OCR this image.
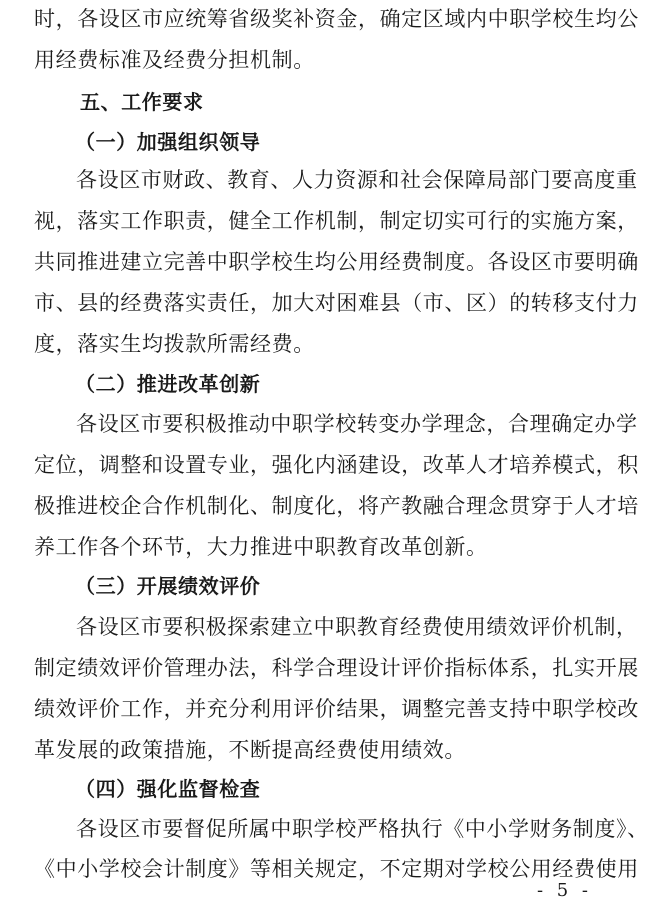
时，各设区市应统筹省级奖补资金，确定区域内中职学校生均公
用经费标准及经费分担机制。
五、工作要求
（一）加强组织领导
各设区市财政、教育、人力资源和社会保障局部门要高度重
视，落实工作职责，健全工作机制，制定切实可行的实施方案，
共同推进建立完善中职学校生均公用经费制度。各设区市要明确
市、县的经费落实责任，加大对困难县（市、区）的转移支付力
度，落实生均拨款所需经费。
（二）推进改革创新
各设区市要积极推动中职学校转变办学理念，合理确定办学
定位，调整和设置专业，强化内涵建设，改革人才培养模式，积
极推进校企合作机制化、制度化，将产教融合理念贯穿于人才培
养工作各个环节，大力推进中职教育改革创新。
（三）开展绩效评价
各设区市要积极探索建立中职教育经费使用绩效评价机制，
制定绩效评价管理办法，科学合理设计评价指标体系，扎实开展
绩效评价工作，并充分利用评价结果，调整完善支持中职学校改
革发展的政策措施，不断提高经费使用绩效。
（四）强化监督检查
各设区市要督促所属中职学校严格执行《中小学财务制度》、
《中小学校会计制度》等相关规定，不定期对学校公用经费使用
- 5 -
